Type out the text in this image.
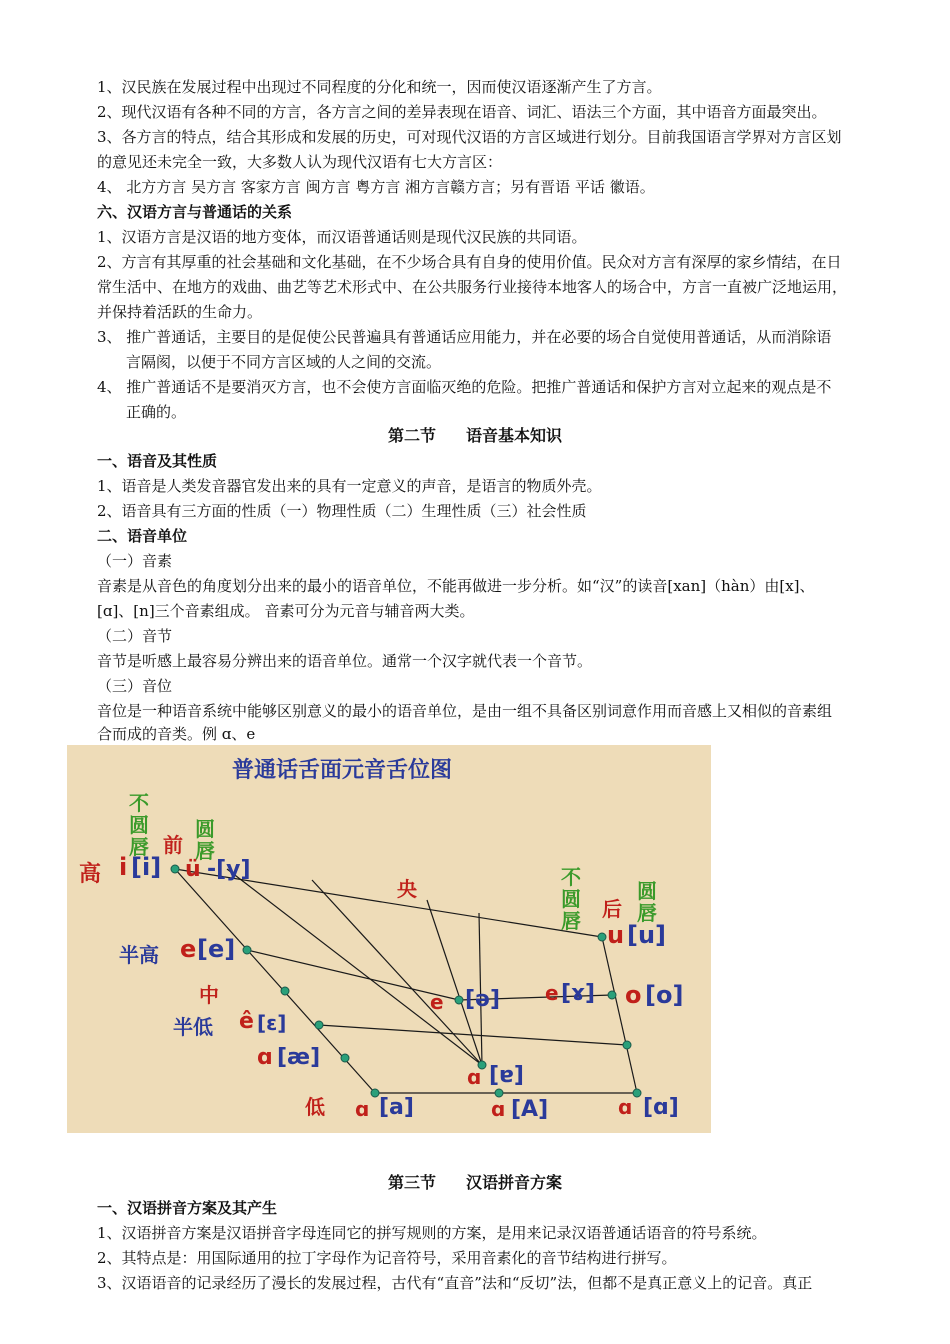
1、汉民族在发展过程中出现过不同程度的分化和统一，因而使汉语逐渐产生了方言。
2、现代汉语有各种不同的方言，各方言之间的差异表现在语音、词汇、语法三个方面，其中语音方面最突出。
3、各方言的特点，结合其形成和发展的历史，可对现代汉语的方言区域进行划分。目前我国语言学界对方言区划
的意见还未完全一致，大多数人认为现代汉语有七大方言区：
4、 北方方言 吴方言 客家方言 闽方言 粤方言 湘方言赣方言；另有晋语 平话 徽语。
六、汉语方言与普通话的关系
1、汉语方言是汉语的地方变体，而汉语普通话则是现代汉民族的共同语。
2、方言有其厚重的社会基础和文化基础，在不少场合具有自身的使用价值。民众对方言有深厚的家乡情结，在日
常生活中、在地方的戏曲、曲艺等艺术形式中、在公共服务行业接待本地客人的场合中，方言一直被广泛地运用，
并保持着活跃的生命力。
3、 推广普通话，主要目的是促使公民普遍具有普通话应用能力，并在必要的场合自觉使用普通话，从而消除语
言隔阂，以便于不同方言区域的人之间的交流。
4、 推广普通话不是要消灭方言，也不会使方言面临灭绝的危险。把推广普通话和保护方言对立起来的观点是不
正确的。
第二节 语音基本知识
一、语音及其性质
1、语音是人类发音器官发出来的具有一定意义的声音，是语言的物质外壳。
2、语音具有三方面的性质（一）物理性质（二）生理性质（三）社会性质
二、语音单位
（一）音素
音素是从音色的角度划分出来的最小的语音单位，不能再做进一步分析。如“汉”的读音[xan]（hàn）由[x]、
[ɑ]、[n]三个音素组成。 音素可分为元音与辅音两大类。
（二）音节
音节是听感上最容易分辨出来的语音单位。通常一个汉字就代表一个音节。
（三）音位
音位是一种语音系统中能够区别意义的最小的语音单位，是由一组不具备区别词意作用而音感上又相似的音素组
合而成的音类。例 ɑ、e
普通话舌面元音舌位图
不
圆
唇 前
圆
唇
高 i [i] ü -[y]
央	不
圆
唇 后
圆
唇
u [u]
半高 e [e]
中	e [ə] e [ɤ] o [o]
半低 ê [ɛ]
ɑ [æ]
ɑ [ɐ]
低 ɑ [a]	ɑ [A]	ɑ [ɑ]
第三节 汉语拼音方案
一、汉语拼音方案及其产生
1、汉语拼音方案是汉语拼音字母连同它的拼写规则的方案，是用来记录汉语普通话语音的符号系统。
2、其特点是：用国际通用的拉丁字母作为记音符号，采用音素化的音节结构进行拼写。
3、汉语语音的记录经历了漫长的发展过程，古代有“直音”法和“反切”法，但都不是真正意义上的记音。真正
